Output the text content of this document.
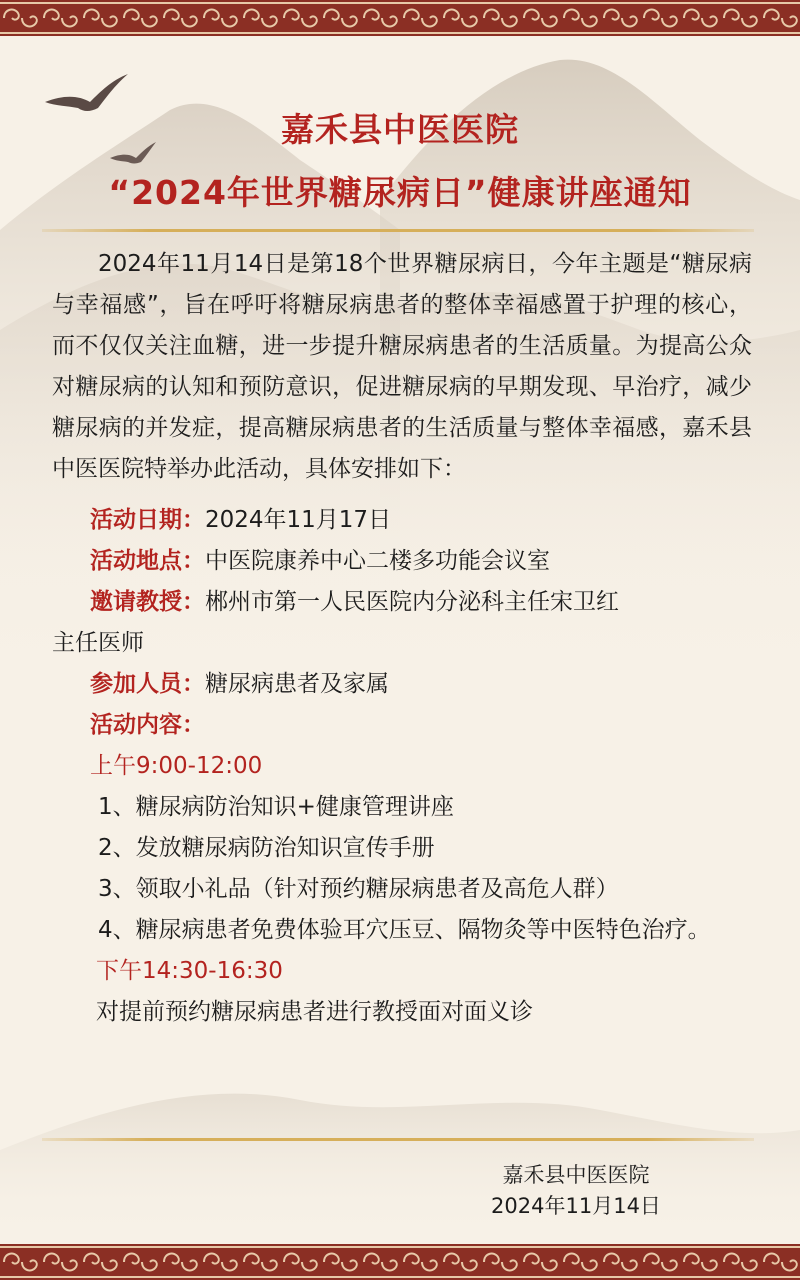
嘉禾县中医医院
“2024年世界糖尿病日”健康讲座通知

2024年11月14日是第18个世界糖尿病日，今年主题是“糖尿病与幸福感”，旨在呼吁将糖尿病患者的整体幸福感置于护理的核心，而不仅仅关注血糖，进一步提升糖尿病患者的生活质量。为提高公众对糖尿病的认知和预防意识，促进糖尿病的早期发现、早治疗，减少糖尿病的并发症，提高糖尿病患者的生活质量与整体幸福感，嘉禾县中医医院特举办此活动，具体安排如下：

活动日期：2024年11月17日

活动地点：中医院康养中心二楼多功能会议室

邀请教授：郴州市第一人民医院内分泌科主任宋卫红

主任医师

参加人员：糖尿病患者及家属

活动内容：

上午9:00-12:00

1、糖尿病防治知识+健康管理讲座

2、发放糖尿病防治知识宣传手册

3、领取小礼品（针对预约糖尿病患者及高危人群）

4、糖尿病患者免费体验耳穴压豆、隔物灸等中医特色治疗。

下午14:30-16:30

对提前预约糖尿病患者进行教授面对面义诊

嘉禾县中医医院
2024年11月14日
